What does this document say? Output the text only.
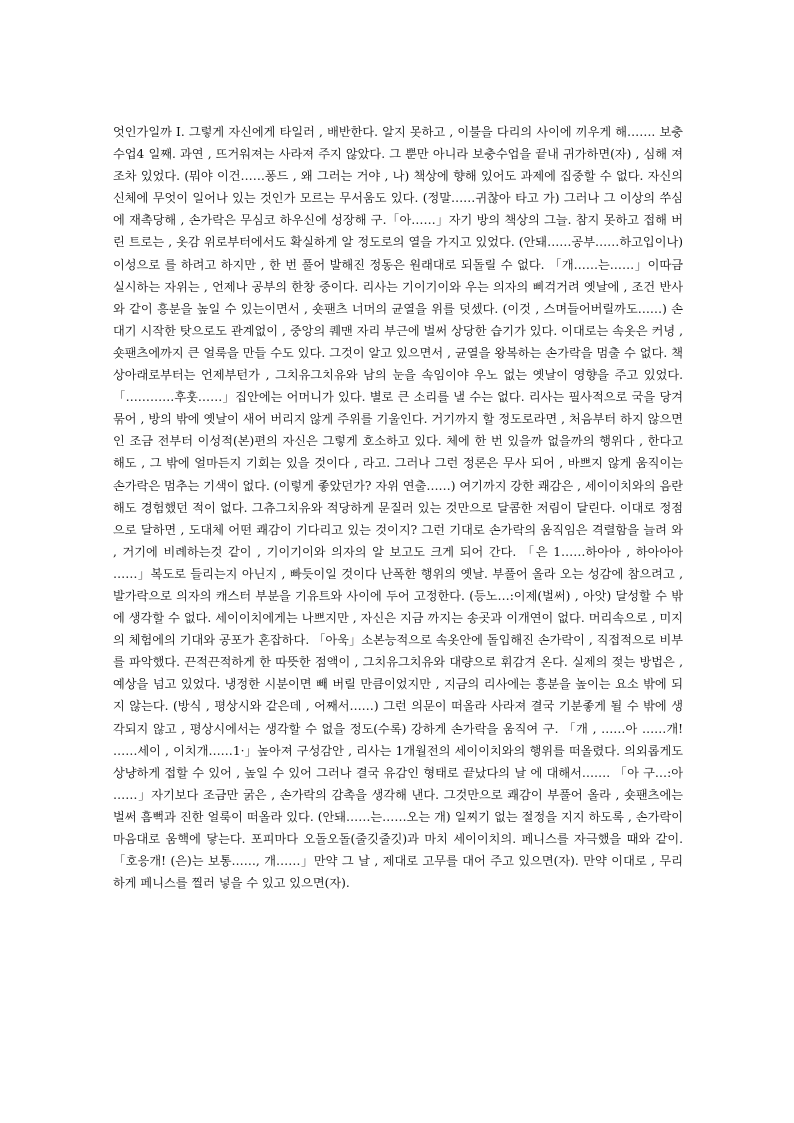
엇인가일까 I. 그렇게 자신에게 타일러 , 배반한다. 알지 못하고 , 이불을 다리의 사이에 끼우게 해……. 보충수업4 일째. 과연 , 뜨거워져는 사라져 주지 않았다. 그 뿐만 아니라 보충수업을 끝내 귀가하면(자) , 심해 져 조차 있었다. (뭐야 이건……퐁드 , 왜 그러는 거야 , 나) 책상에 향해 있어도 과제에 집중할 수 없다. 자신의 신체에 무엇이 일어나 있는 것인가 모르는 무서움도 있다. (정말……귀찮아 타고 가) 그러나 그 이상의 쑤심에 재촉당해 , 손가락은 무심코 하우신에 성장해 구.「아……」자기 방의 책상의 그늘. 참지 못하고 접해 버린 트로는 , 옷감 위로부터에서도 확실하게 알 정도로의 열을 가지고 있었다. (안돼……공부……하고입이나) 이성으로 를 하려고 하지만 , 한 번 풀어 발해진 정동은 원래대로 되돌릴 수 없다. 「개……는……」이따금 실시하는 자위는 , 언제나 공부의 한창 중이다. 리사는 기이기이와 우는 의자의 삐걱거려 옛날에 , 조건 반사와 같이 흥분을 높일 수 있는이면서 , 숏팬츠 너머의 균열을 위를 덧셌다. (이것 , 스며들어버릴까도……) 손대기 시작한 탓으로도 관계없이 , 중앙의 퀘맨 자리 부근에 벌써 상당한 습기가 있다. 이대로는 속옷은 커녕 , 숏팬츠에까지 큰 얼룩을 만들 수도 있다. 그것이 알고 있으면서 , 균열을 왕복하는 손가락을 멈출 수 없다. 책상아래로부터는 언제부턴가 , 그치유그치유와 남의 눈을 속임이야 우노 없는 옛날이 영향을 주고 있었다. 「…………후훗……」집안에는 어머니가 있다. 별로 큰 소리를 낼 수는 없다. 리사는 필사적으로 국을 당겨 묶어 , 방의 밖에 옛날이 새어 버리지 않게 주위를 기울인다. 거기까지 할 정도로라면 , 처음부터 하지 않으면 인 조금 전부터 이성적(본)편의 자신은 그렇게 호소하고 있다. 체에 한 번 있을까 없을까의 행위다 , 한다고 해도 , 그 밖에 얼마든지 기회는 있을 것이다 , 라고. 그러나 그런 정론은 무사 되어 , 바쁘지 않게 움직이는 손가락은 멈추는 기색이 없다. (이렇게 좋았던가? 자위 연출……) 여기까지 강한 쾌감은 , 세이이치와의 음란해도 경험했던 적이 없다. 그츄그치유와 적당하게 문질러 있는 것만으로 달콤한 저림이 달린다. 이대로 정점으로 달하면 , 도대체 어떤 쾌감이 기다리고 있는 것이지? 그런 기대로 손가락의 움직임은 격렬함을 늘려 와 , 거기에 비례하는것 같이 , 기이기이와 의자의 알 보고도 크게 되어 간다. 「은 1……하아아 , 하아아아 ……」복도로 들리는지 아닌지 , 빠듯이일 것이다 난폭한 행위의 옛날. 부풀어 올라 오는 성감에 참으려고 , 발가락으로 의자의 캐스터 부분을 기유트와 사이에 두어 고정한다. (등노…:이제(벌써) , 아앗) 달성할 수 밖에 생각할 수 없다. 세이이치에게는 나쁘지만 , 자신은 지금 까지는 송곳과 이개연이 없다. 머리속으로 , 미지의 체험에의 기대와 공포가 혼잡하다. 「아욱」소본능적으로 속옷안에 돌입해진 손가락이 , 직접적으로 비부를 파악했다. 끈적끈적하게 한 따뜻한 점액이 , 그치유그치유와 대량으로 휘감겨 온다. 실제의 젖는 방법은 , 예상을 넘고 있었다. 냉정한 시분이면 빼 버릴 만큼이었지만 , 지금의 리사에는 흥분을 높이는 요소 밖에 되지 않는다. (방식 , 평상시와 같은데 , 어째서……) 그런 의문이 떠올라 사라져 결국 기분좋게 될 수 밖에 생각되지 않고 , 평상시에서는 생각할 수 없을 정도(수록) 강하게 손가락을 움직여 구. 「개 , ……아 ……개! ……세이 , 이치개……1·」높아져 구성감안 , 리사는 1개월전의 세이이치와의 행위를 떠올렸다. 의외롭게도 상냥하게 접할 수 있어 , 높일 수 있어 그러나 결국 유감인 형태로 끝났다의 날 에 대해서……. 「아 구…:아 ……」자기보다 조금만 굵은 , 손가락의 감촉을 생각해 낸다. 그것만으로 쾌감이 부풀어 올라 , 숏팬츠에는 벌써 흠뻑과 진한 얼룩이 떠올라 있다. (안돼……는……오는 개) 일찌기 없는 절정을 지지 하도록 , 손가락이 마음대로 움핵에 닿는다. 포피마다 오돌오돌(줄깃줄깃)과 마치 세이이치의. 페니스를 자극했을 때와 같이. 「호응개! (은)는 보통……, 개……」만약 그 날 , 제대로 고무를 대어 주고 있으면(자). 만약 이대로 , 무리하게 페니스를 찔러 넣을 수 있고 있으면(자).
